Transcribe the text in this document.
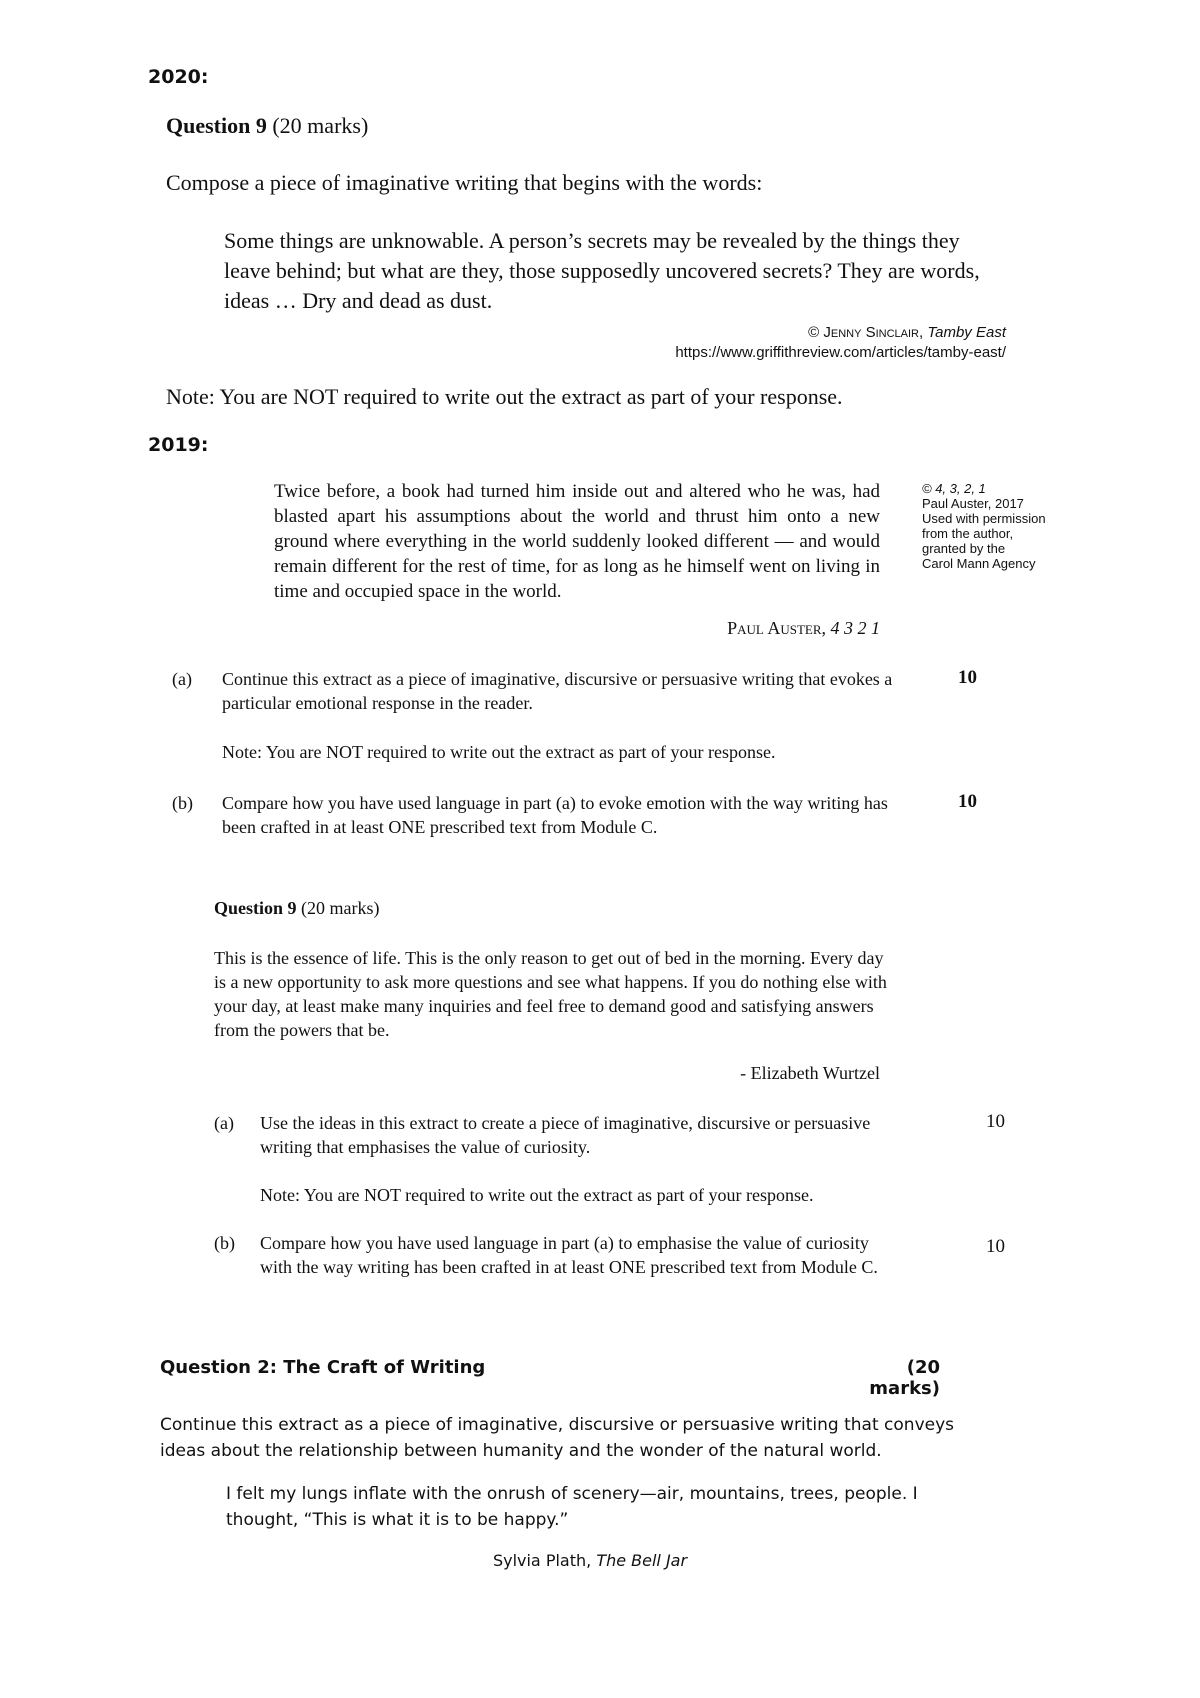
2020:
Question 9 (20 marks)
Compose a piece of imaginative writing that begins with the words:
Some things are unknowable. A person’s secrets may be revealed by the things they leave behind; but what are they, those supposedly uncovered secrets? They are words, ideas … Dry and dead as dust.
© Jenny Sinclair, Tamby East
https://www.griffithreview.com/articles/tamby-east/
Note: You are NOT required to write out the extract as part of your response.
2019:
Twice before, a book had turned him inside out and altered who he was, had blasted apart his assumptions about the world and thrust him onto a new ground where everything in the world suddenly looked different — and would remain different for the rest of time, for as long as he himself went on living in time and occupied space in the world.
© 4, 3, 2, 1
Paul Auster, 2017
Used with permission
from the author,
granted by the
Carol Mann Agency
Paul Auster, 4 3 2 1
(a) Continue this extract as a piece of imaginative, discursive or persuasive writing that evokes a particular emotional response in the reader.
10
Note: You are NOT required to write out the extract as part of your response.
(b) Compare how you have used language in part (a) to evoke emotion with the way writing has been crafted in at least ONE prescribed text from Module C.
10
Question 9 (20 marks)
This is the essence of life. This is the only reason to get out of bed in the morning. Every day is a new opportunity to ask more questions and see what happens. If you do nothing else with your day, at least make many inquiries and feel free to demand good and satisfying answers from the powers that be.
- Elizabeth Wurtzel
(a) Use the ideas in this extract to create a piece of imaginative, discursive or persuasive writing that emphasises the value of curiosity.
10
Note: You are NOT required to write out the extract as part of your response.
(b) Compare how you have used language in part (a) to emphasise the value of curiosity with the way writing has been crafted in at least ONE prescribed text from Module C.
10
Question 2: The Craft of Writing	(20 marks)
Continue this extract as a piece of imaginative, discursive or persuasive writing that conveys ideas about the relationship between humanity and the wonder of the natural world.
I felt my lungs inflate with the onrush of scenery—air, mountains, trees, people. I thought, “This is what it is to be happy.”
Sylvia Plath, The Bell Jar
